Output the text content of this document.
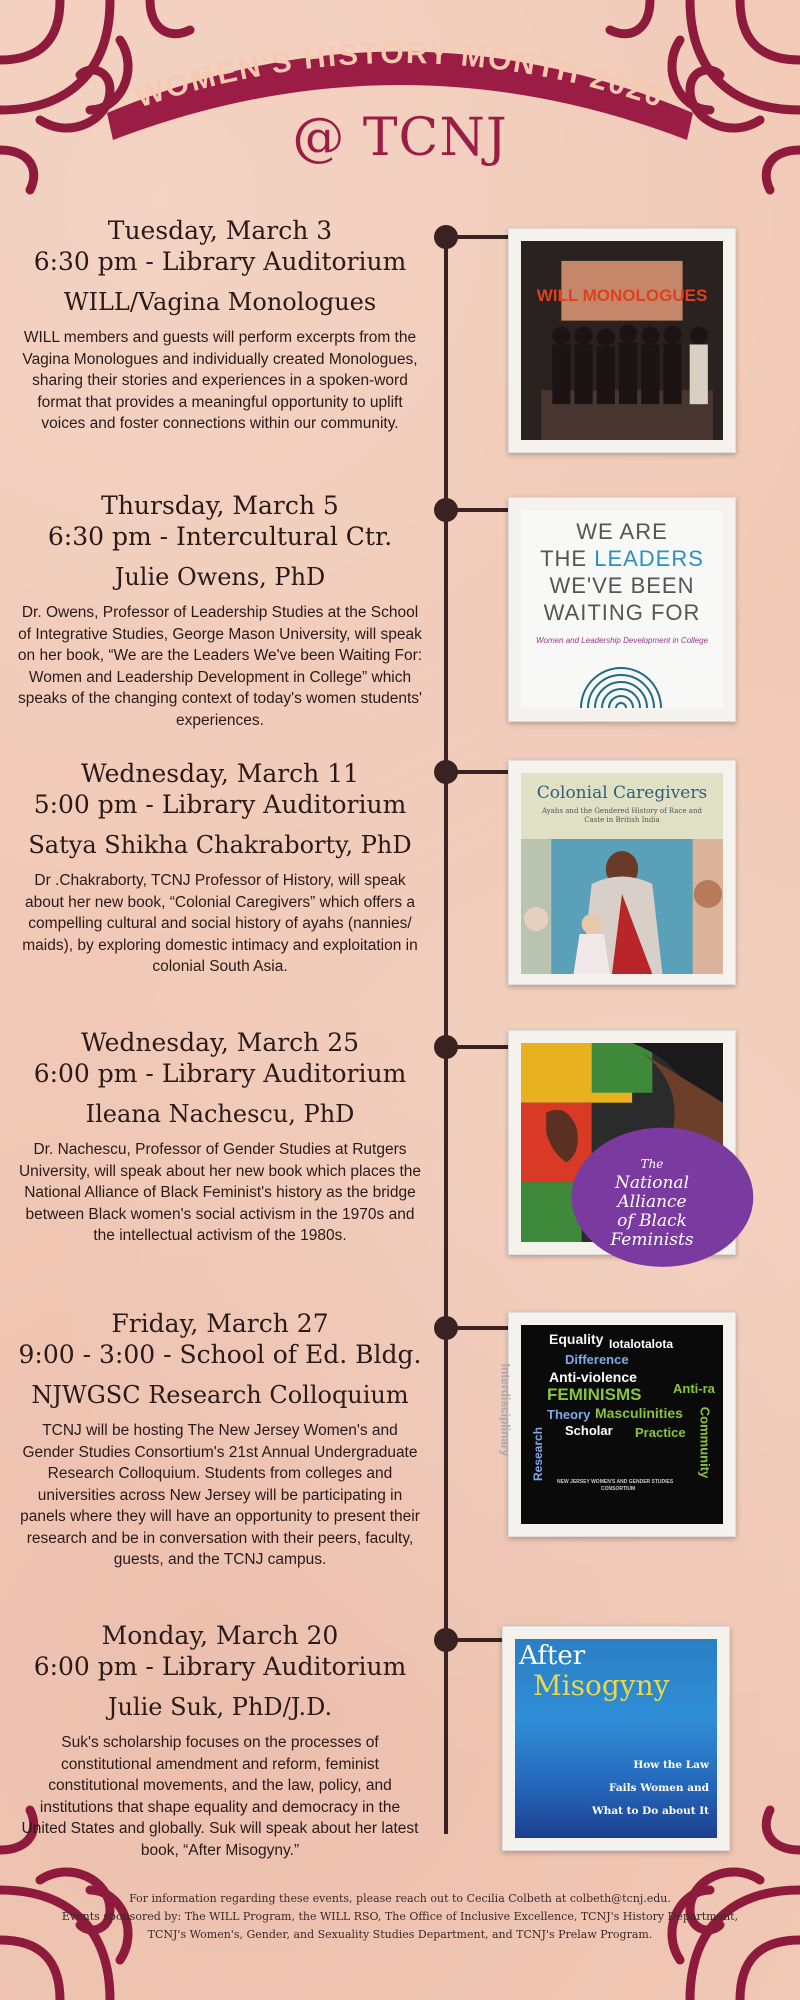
WOMEN'S HISTORY MONTH 2026
@ TCNJ
Tuesday, March 3
6:30 pm - Library Auditorium
WILL/Vagina Monologues
WILL members and guests will perform excerpts from the Vagina Monologues and individually created Monologues, sharing their stories and experiences in a spoken-word format that provides a meaningful opportunity to uplift voices and foster connections within our community.
WILL MONOLOGUES
Thursday, March 5
6:30 pm - Intercultural Ctr.
Julie Owens, PhD
Dr. Owens, Professor of Leadership Studies at the School of Integrative Studies, George Mason University, will speak on her book, “We are the Leaders We've been Waiting For: Women and Leadership Development in College” which speaks of the changing context of today's women students' experiences.
WE ARE
THE LEADERS
WE'VE BEEN
WAITING FOR
Women and Leadership Development in College
Wednesday, March 11
5:00 pm - Library Auditorium
Satya Shikha Chakraborty, PhD
Dr .Chakraborty, TCNJ Professor of History, will speak about her new book, “Colonial Caregivers” which offers a compelling cultural and social history of ayahs (nannies/ maids), by exploring domestic intimacy and exploitation in colonial South Asia.
Colonial Caregivers
Ayahs and the Gendered History of Race and Caste in British India
Wednesday, March 25
6:00 pm - Library Auditorium
Ileana Nachescu, PhD
Dr. Nachescu, Professor of Gender Studies at Rutgers University, will speak about her new book which places the National Alliance of Black Feminist's history as the bridge between Black women's social activism in the 1970s and the intellectual activism of the 1980s.
The
National
Alliance
of Black
Feminists
Friday, March 27
9:00 - 3:00 - School of Ed. Bldg.
NJWGSC Research Colloquium
TCNJ will be hosting The New Jersey Women's and Gender Studies Consortium's 21st Annual Undergraduate Research Colloquium. Students from colleges and universities across New Jersey will be participating in panels where they will have an opportunity to present their research and be in conversation with their peers, faculty, guests, and the TCNJ campus.
Equality Iotalotalota
Difference
Anti-violence
FEMINISMS Anti-ra
Theory Masculinities
Scholar Practice
Research	Community
Interdisciplinary
NEW JERSEY WOMEN'S AND GENDER STUDIES
CONSORTIUM
Monday, March 20
6:00 pm - Library Auditorium
Julie Suk, PhD/J.D.
Suk's scholarship focuses on the processes of constitutional amendment and reform, feminist constitutional movements, and the law, policy, and institutions that shape equality and democracy in the United States and globally. Suk will speak about her latest book, “After Misogyny.”
After
Misogyny
How the Law
Fails Women and
What to Do about It
For information regarding these events, please reach out to Cecilia Colbeth at colbeth@tcnj.edu.
Events sponsored by: The WILL Program, the WILL RSO, The Office of Inclusive Excellence, TCNJ's History Department, TCNJ's Women's, Gender, and Sexuality Studies Department, and TCNJ's Prelaw Program.
